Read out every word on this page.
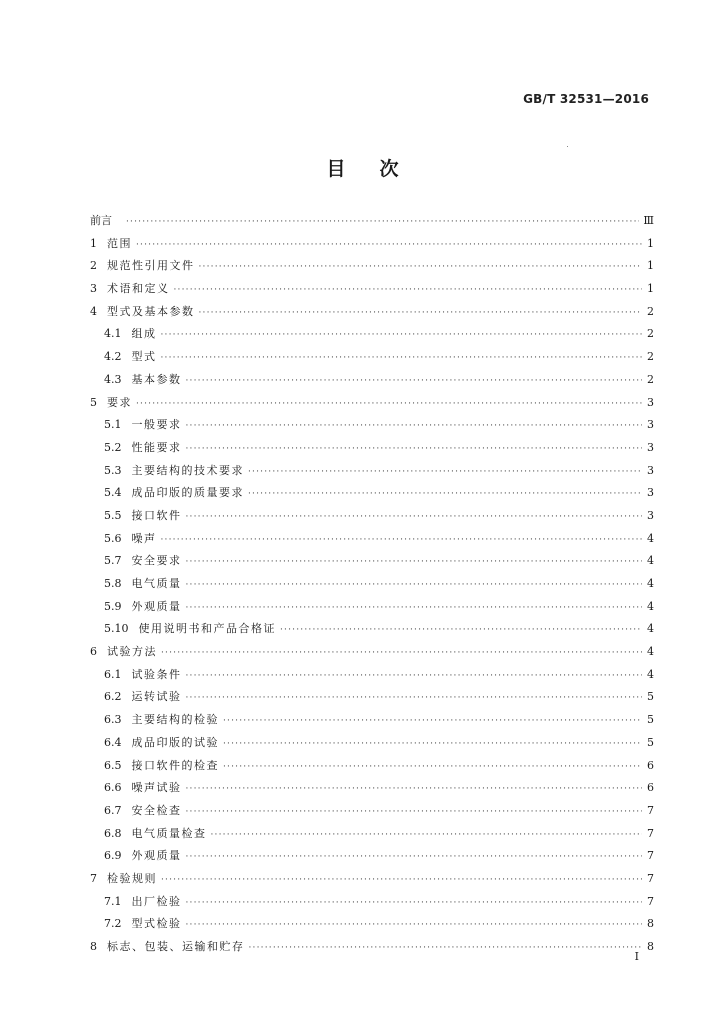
GB/T 32531—2016
目次
前言 ·····	Ⅲ
1 范围 ·····	1
2 规范性引用文件 ·····	1
3 术语和定义 ·····	1
4 型式及基本参数 ·····	2
4.1 组成 ·····	2
4.2 型式 ·····	2
4.3 基本参数 ·····	2
5 要求 ·····	3
5.1 一般要求 ·····	3
5.2 性能要求 ·····	3
5.3 主要结构的技术要求 ·····	3
5.4 成品印版的质量要求 ·····	3
5.5 接口软件 ·····	3
5.6 噪声 ·····	4
5.7 安全要求 ·····	4
5.8 电气质量 ·····	4
5.9 外观质量 ·····	4
5.10 使用说明书和产品合格证 ·····	4
6 试验方法 ·····	4
6.1 试验条件 ·····	4
6.2 运转试验 ·····	5
6.3 主要结构的检验 ·····	5
6.4 成品印版的试验 ·····	5
6.5 接口软件的检查 ·····	6
6.6 噪声试验 ·····	6
6.7 安全检查 ·····	7
6.8 电气质量检查 ·····	7
6.9 外观质量 ·····	7
7 检验规则 ·····	7
7.1 出厂检验 ·····	7
7.2 型式检验 ·····	8
8 标志、包装、运输和贮存 ·····	8
I
